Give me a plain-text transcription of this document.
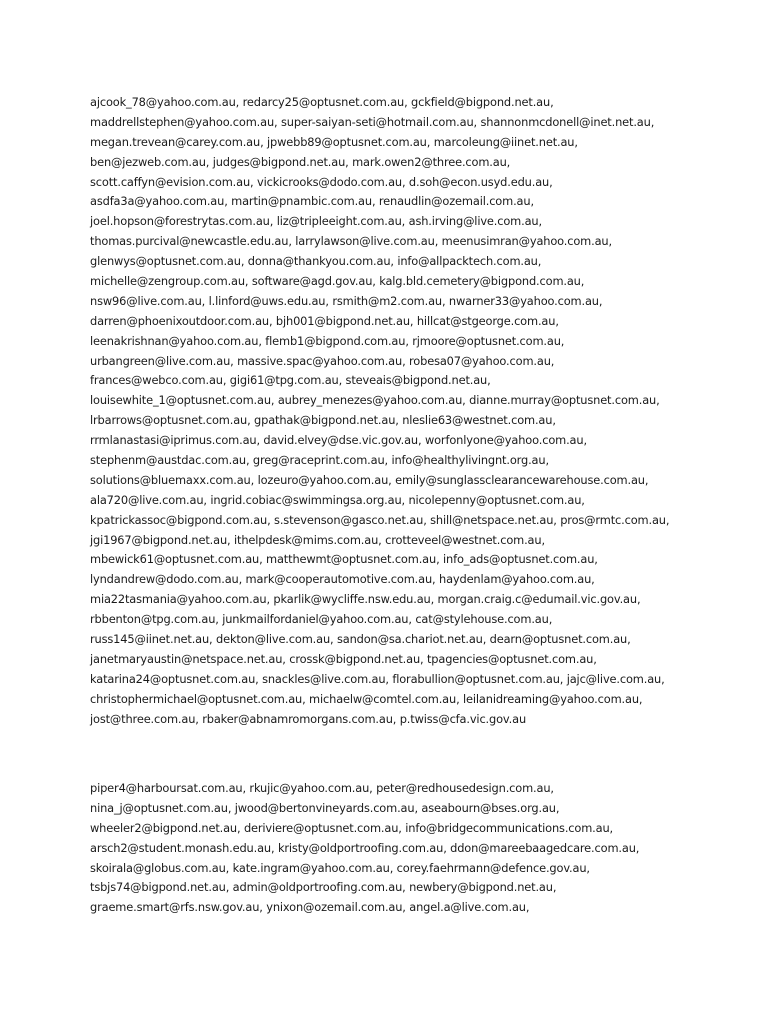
ajcook_78@yahoo.com.au, redarcy25@optusnet.com.au, gckfield@bigpond.net.au,
maddrellstephen@yahoo.com.au, super-saiyan-seti@hotmail.com.au, shannonmcdonell@inet.net.au,
megan.trevean@carey.com.au, jpwebb89@optusnet.com.au, marcoleung@iinet.net.au,
ben@jezweb.com.au, judges@bigpond.net.au, mark.owen2@three.com.au,
scott.caffyn@evision.com.au, vickicrooks@dodo.com.au, d.soh@econ.usyd.edu.au,
asdfa3a@yahoo.com.au, martin@pnambic.com.au, renaudlin@ozemail.com.au,
joel.hopson@forestrytas.com.au, liz@tripleeight.com.au, ash.irving@live.com.au,
thomas.purcival@newcastle.edu.au, larrylawson@live.com.au, meenusimran@yahoo.com.au,
glenwys@optusnet.com.au, donna@thankyou.com.au, info@allpacktech.com.au,
michelle@zengroup.com.au, software@agd.gov.au, kalg.bld.cemetery@bigpond.com.au,
nsw96@live.com.au, l.linford@uws.edu.au, rsmith@m2.com.au, nwarner33@yahoo.com.au,
darren@phoenixoutdoor.com.au, bjh001@bigpond.net.au, hillcat@stgeorge.com.au,
leenakrishnan@yahoo.com.au, flemb1@bigpond.com.au, rjmoore@optusnet.com.au,
urbangreen@live.com.au, massive.spac@yahoo.com.au, robesa07@yahoo.com.au,
frances@webco.com.au, gigi61@tpg.com.au, steveais@bigpond.net.au,
louisewhite_1@optusnet.com.au, aubrey_menezes@yahoo.com.au, dianne.murray@optusnet.com.au,
lrbarrows@optusnet.com.au, gpathak@bigpond.net.au, nleslie63@westnet.com.au,
rrmlanastasi@iprimus.com.au, david.elvey@dse.vic.gov.au, worfonlyone@yahoo.com.au,
stephenm@austdac.com.au, greg@raceprint.com.au, info@healthylivingnt.org.au,
solutions@bluemaxx.com.au, lozeuro@yahoo.com.au, emily@sunglassclearancewarehouse.com.au,
ala720@live.com.au, ingrid.cobiac@swimmingsa.org.au, nicolepenny@optusnet.com.au,
kpatrickassoc@bigpond.com.au, s.stevenson@gasco.net.au, shill@netspace.net.au, pros@rmtc.com.au,
jgi1967@bigpond.net.au, ithelpdesk@mims.com.au, crotteveel@westnet.com.au,
mbewick61@optusnet.com.au, matthewmt@optusnet.com.au, info_ads@optusnet.com.au,
lyndandrew@dodo.com.au, mark@cooperautomotive.com.au, haydenlam@yahoo.com.au,
mia22tasmania@yahoo.com.au, pkarlik@wycliffe.nsw.edu.au, morgan.craig.c@edumail.vic.gov.au,
rbbenton@tpg.com.au, junkmailfordaniel@yahoo.com.au, cat@stylehouse.com.au,
russ145@iinet.net.au, dekton@live.com.au, sandon@sa.chariot.net.au, dearn@optusnet.com.au,
janetmaryaustin@netspace.net.au, crossk@bigpond.net.au, tpagencies@optusnet.com.au,
katarina24@optusnet.com.au, snackles@live.com.au, florabullion@optusnet.com.au, jajc@live.com.au,
christophermichael@optusnet.com.au, michaelw@comtel.com.au, leilanidreaming@yahoo.com.au,
jost@three.com.au, rbaker@abnamromorgans.com.au, p.twiss@cfa.vic.gov.au
piper4@harboursat.com.au, rkujic@yahoo.com.au, peter@redhousedesign.com.au,
nina_j@optusnet.com.au, jwood@bertonvineyards.com.au, aseabourn@bses.org.au,
wheeler2@bigpond.net.au, deriviere@optusnet.com.au, info@bridgecommunications.com.au,
arsch2@student.monash.edu.au, kristy@oldportroofing.com.au, ddon@mareebaagedcare.com.au,
skoirala@globus.com.au, kate.ingram@yahoo.com.au, corey.faehrmann@defence.gov.au,
tsbjs74@bigpond.net.au, admin@oldportroofing.com.au, newbery@bigpond.net.au,
graeme.smart@rfs.nsw.gov.au, ynixon@ozemail.com.au, angel.a@live.com.au,
